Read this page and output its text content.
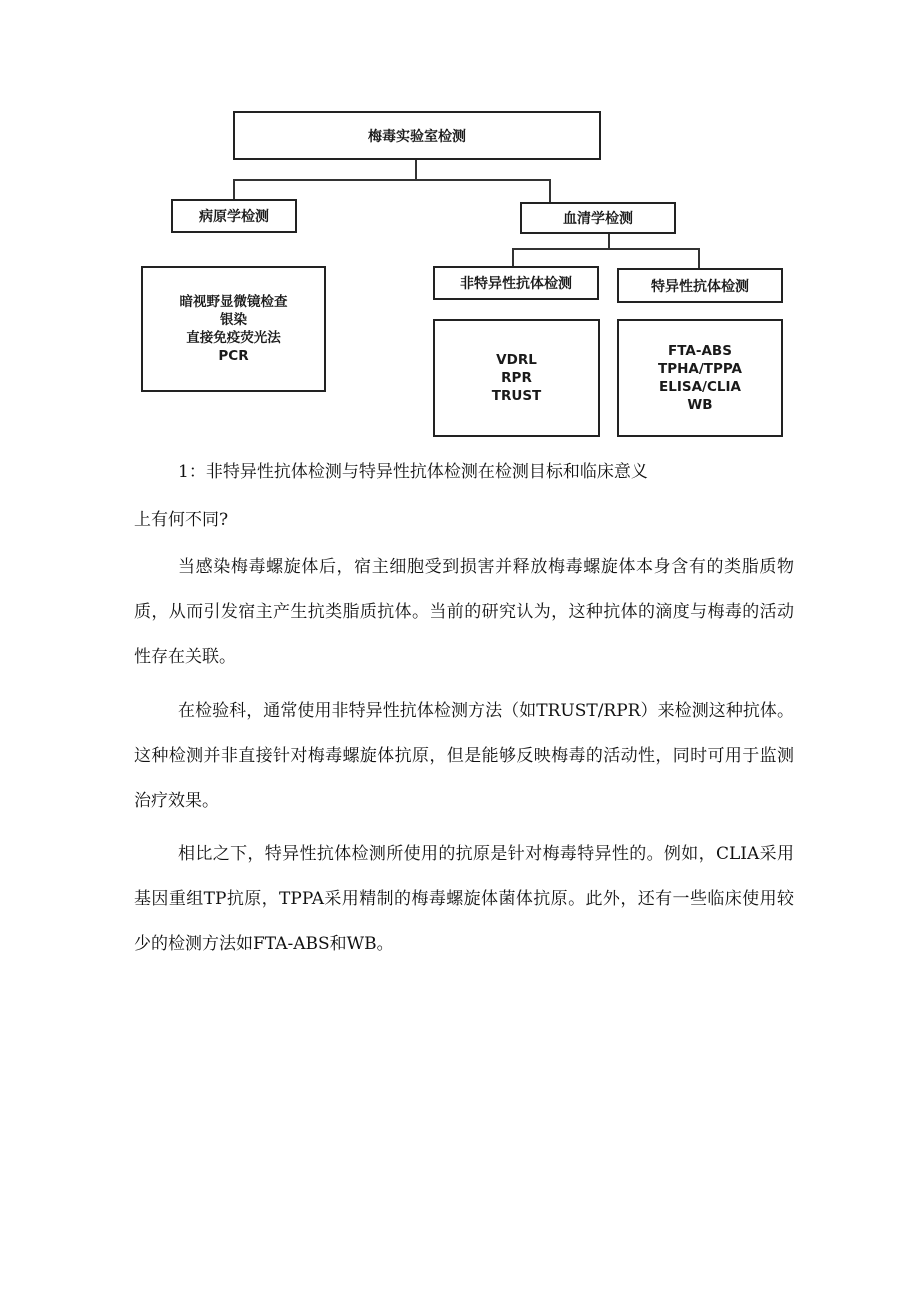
梅毒实验室检测
病原学检测
暗视野显微镜检查
银染
直接免疫荧光法
PCR
血清学检测
非特异性抗体检测	特异性抗体检测
VDRL
RPR
TRUST
FTA-ABS
TPHA/TPPA
ELISA/CLIA
WB

1：非特异性抗体检测与特异性抗体检测在检测目标和临床意义

上有何不同?

当感染梅毒螺旋体后，宿主细胞受到损害并释放梅毒螺旋体本身含有的类脂质物质，从而引发宿主产生抗类脂质抗体。当前的研究认为，这种抗体的滴度与梅毒的活动性存在关联。

在检验科，通常使用非特异性抗体检测方法（如TRUST/RPR）来检测这种抗体。这种检测并非直接针对梅毒螺旋体抗原，但是能够反映梅毒的活动性，同时可用于监测治疗效果。

相比之下，特异性抗体检测所使用的抗原是针对梅毒特异性的。例如，CLIA采用基因重组TP抗原，TPPA采用精制的梅毒螺旋体菌体抗原。此外，还有一些临床使用较少的检测方法如FTA-ABS和WB。
